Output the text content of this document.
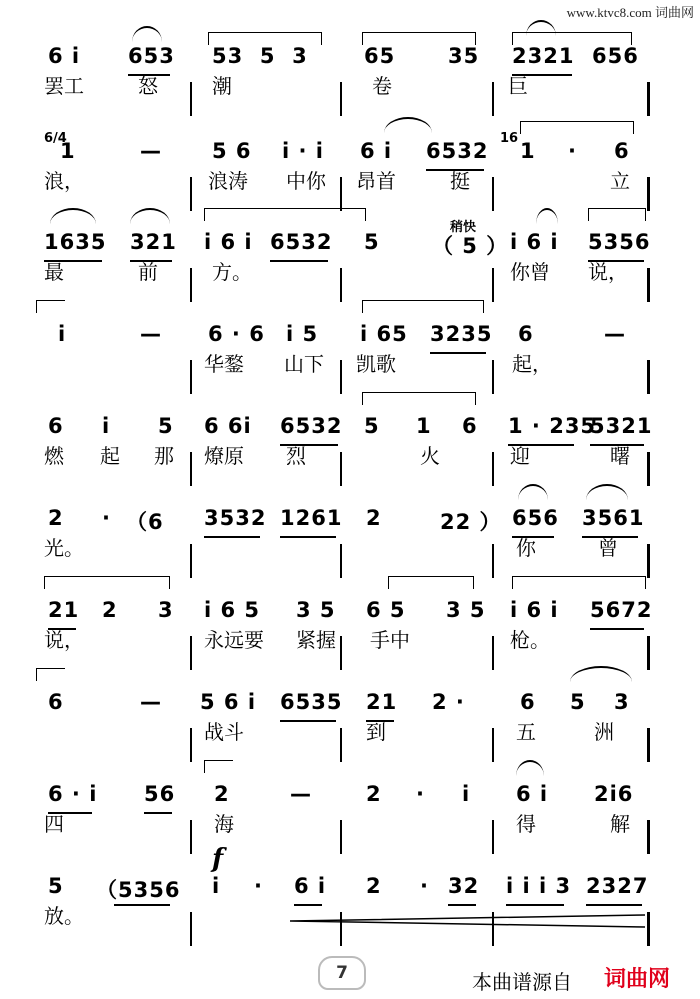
www.ktvc8.com 词曲网
6 i 653 53  5  3	65	35 2321 656
罢工	怒	潮	卷	巨
6/4
1	— 5 6 i · i 6 i 6532
16
1 · 6
浪，	浪涛 中你 昂首	挺	立
1635 321 i 6 i 6532 5
稍快
（ 5 ） i 6 i 5356
最	前	方。	你曾 说，
i	— 6 · 6 i 5 i 65 3235 6	—
华鍪 山下 凯歌	起，
6 i 5 6 6i 6532 5 1 6 1 · 235
5321
燃 起 那 燎原 烈	火	迎	曙
2 · （6 3532 1261 2	22 ） 656 3561
光。	你	曾
21 2 3 i 6 5 3 5 6 5 3 5 i 6 i 5672
说，	永远要 紧握 手中	枪。
6	— 5 6 i 6535 21 2 ·	6 5 3
战斗	到	五	洲
6 · i 56 2	—	2 · i 6 i 2i6
四	海	得	解
f
5 （5356 i · 6 i 2 · 32 i i i 3 2327
放。
7	本曲谱源自 词曲网
